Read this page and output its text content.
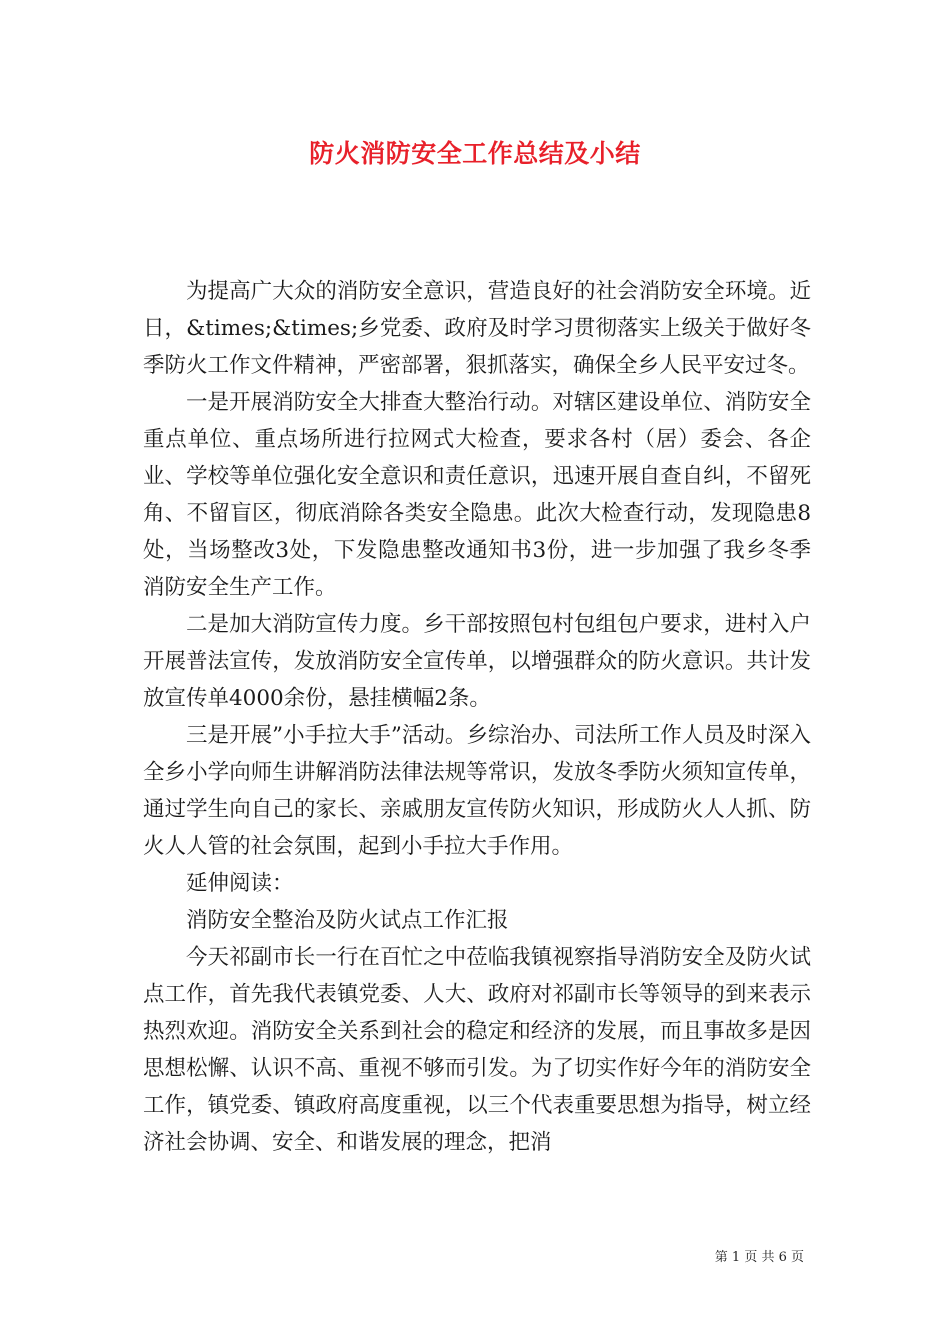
防火消防安全工作总结及小结

为提高广大众的消防安全意识，营造良好的社会消防安全环境。近日，&times;&times;乡党委、政府及时学习贯彻落实上级关于做好冬季防火工作文件精神，严密部署，狠抓落实，确保全乡人民平安过冬。

一是开展消防安全大排查大整治行动。对辖区建设单位、消防安全重点单位、重点场所进行拉网式大检查，要求各村（居）委会、各企业、学校等单位强化安全意识和责任意识，迅速开展自查自纠，不留死角、不留盲区，彻底消除各类安全隐患。此次大检查行动，发现隐患8处，当场整改3处，下发隐患整改通知书3份，进一步加强了我乡冬季消防安全生产工作。

二是加大消防宣传力度。乡干部按照包村包组包户要求，进村入户开展普法宣传，发放消防安全宣传单，以增强群众的防火意识。共计发放宣传单4000余份，悬挂横幅2条。

三是开展”小手拉大手”活动。乡综治办、司法所工作人员及时深入全乡小学向师生讲解消防法律法规等常识，发放冬季防火须知宣传单，通过学生向自己的家长、亲戚朋友宣传防火知识，形成防火人人抓、防火人人管的社会氛围，起到小手拉大手作用。

延伸阅读：

消防安全整治及防火试点工作汇报

今天祁副市长一行在百忙之中莅临我镇视察指导消防安全及防火试点工作，首先我代表镇党委、人大、政府对祁副市长等领导的到来表示热烈欢迎。消防安全关系到社会的稳定和经济的发展，而且事故多是因思想松懈、认识不高、重视不够而引发。为了切实作好今年的消防安全工作，镇党委、镇政府高度重视，以三个代表重要思想为指导，树立经济社会协调、安全、和谐发展的理念，把消

第 1 页 共 6 页
